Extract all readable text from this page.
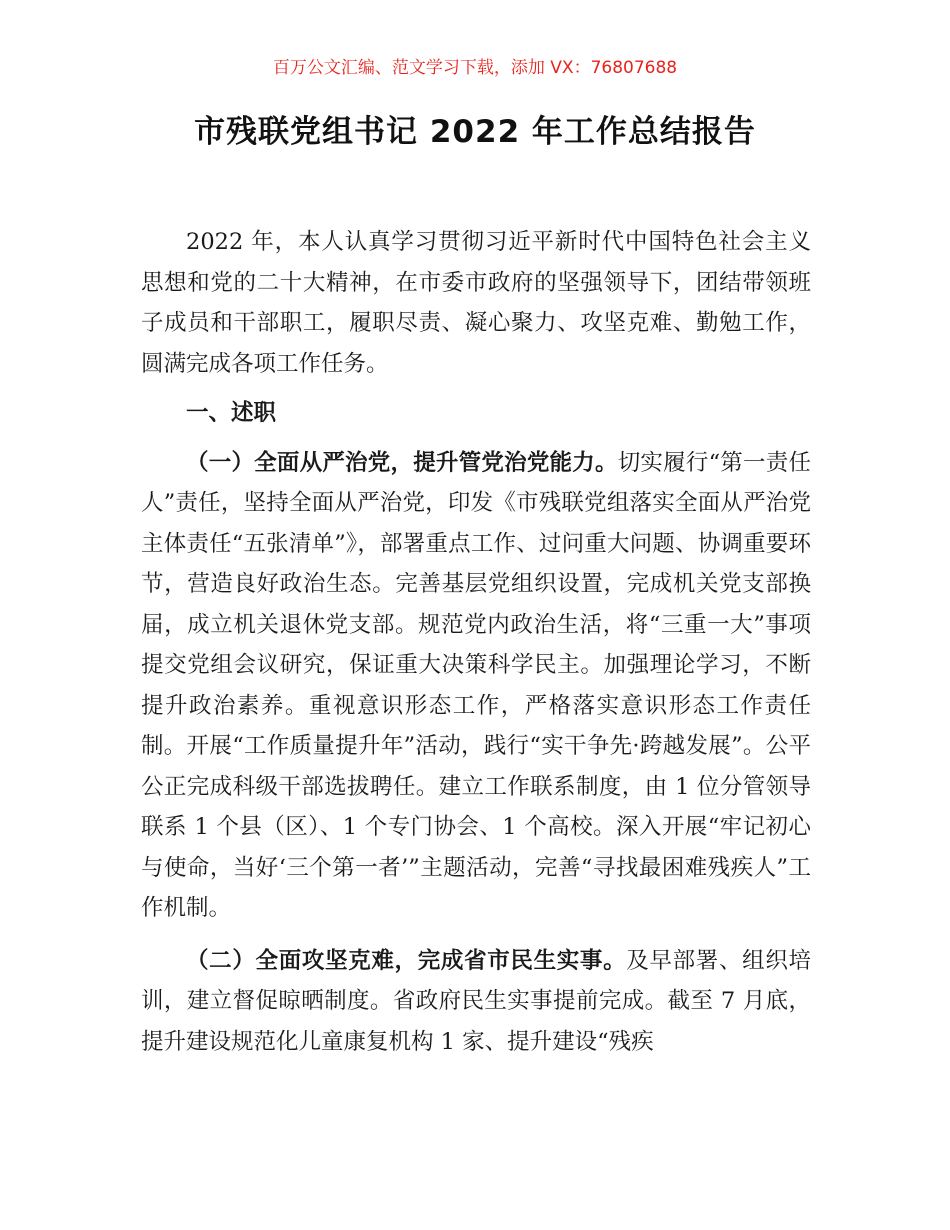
百万公文汇编、范文学习下载，添加 VX：76807688
市残联党组书记 2022 年工作总结报告

2022 年，本人认真学习贯彻习近平新时代中国特色社会主义思想和党的二十大精神，在市委市政府的坚强领导下，团结带领班子成员和干部职工，履职尽责、凝心聚力、攻坚克难、勤勉工作，圆满完成各项工作任务。

一、述职

（一）全面从严治党，提升管党治党能力。切实履行“第一责任人”责任，坚持全面从严治党，印发《市残联党组落实全面从严治党主体责任“五张清单”》，部署重点工作、过问重大问题、协调重要环节，营造良好政治生态。完善基层党组织设置，完成机关党支部换届，成立机关退休党支部。规范党内政治生活，将“三重一大”事项提交党组会议研究，保证重大决策科学民主。加强理论学习，不断提升政治素养。重视意识形态工作，严格落实意识形态工作责任制。开展“工作质量提升年”活动，践行“实干争先·跨越发展”。公平公正完成科级干部选拔聘任。建立工作联系制度，由 1 位分管领导联系 1 个县（区）、1 个专门协会、1 个高校。深入开展“牢记初心与使命，当好‘三个第一者’”主题活动，完善“寻找最困难残疾人”工作机制。

（二）全面攻坚克难，完成省市民生实事。及早部署、组织培训，建立督促晾晒制度。省政府民生实事提前完成。截至 7 月底，提升建设规范化儿童康复机构 1 家、提升建设“残疾
